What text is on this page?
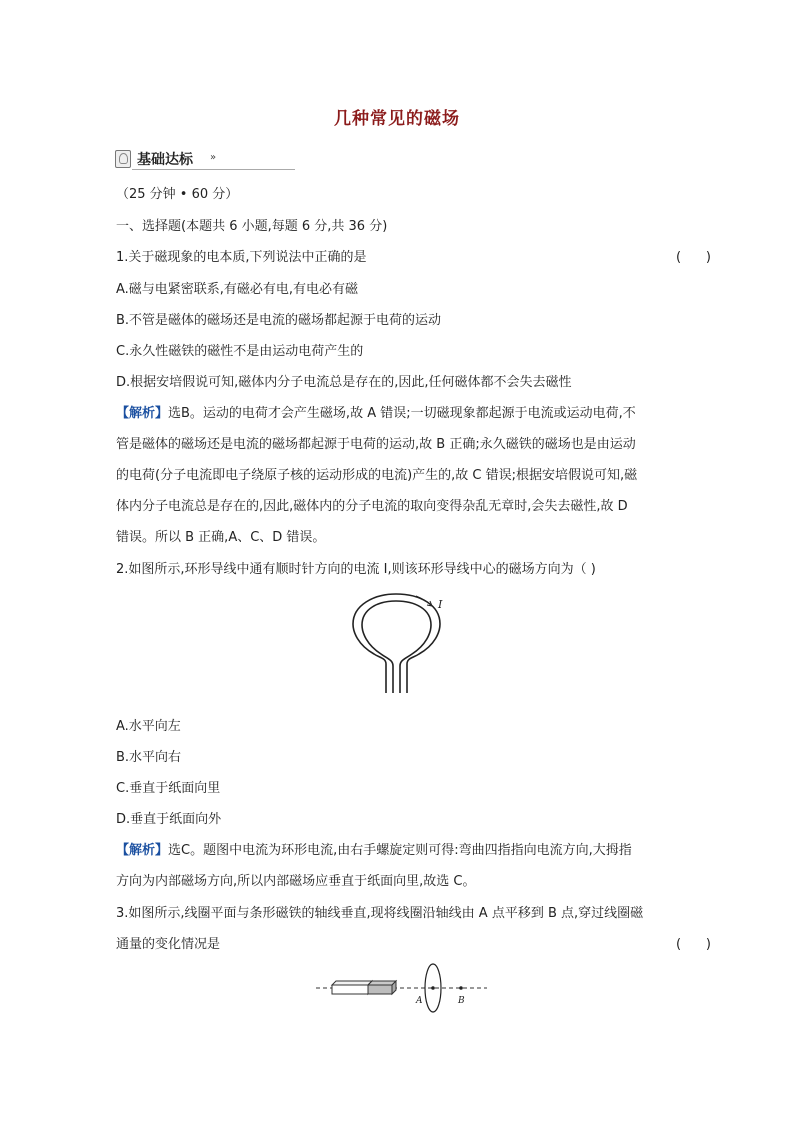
几种常见的磁场
基础达标 »
（25 分钟 • 60 分）
一、选择题(本题共 6 小题,每题 6 分,共 36 分)
1.关于磁现象的电本质,下列说法中正确的是	(      )
A.磁与电紧密联系,有磁必有电,有电必有磁
B.不管是磁体的磁场还是电流的磁场都起源于电荷的运动
C.永久性磁铁的磁性不是由运动电荷产生的
D.根据安培假说可知,磁体内分子电流总是存在的,因此,任何磁体都不会失去磁性
【解析】选B。运动的电荷才会产生磁场,故 A 错误;一切磁现象都起源于电流或运动电荷,不
管是磁体的磁场还是电流的磁场都起源于电荷的运动,故 B 正确;永久磁铁的磁场也是由运动
的电荷(分子电流即电子绕原子核的运动形成的电流)产生的,故 C 错误;根据安培假说可知,磁
体内分子电流总是存在的,因此,磁体内的分子电流的取向变得杂乱无章时,会失去磁性,故 D
错误。所以 B 正确,A、C、D 错误。
2.如图所示,环形导线中通有顺时针方向的电流 I,则该环形导线中心的磁场方向为（ )
I
A.水平向左
B.水平向右
C.垂直于纸面向里
D.垂直于纸面向外
【解析】选C。题图中电流为环形电流,由右手螺旋定则可得:弯曲四指指向电流方向,大拇指
方向为内部磁场方向,所以内部磁场应垂直于纸面向里,故选 C。
3.如图所示,线圈平面与条形磁铁的轴线垂直,现将线圈沿轴线由 A 点平移到 B 点,穿过线圈磁
通量的变化情况是	(      )
A	B
